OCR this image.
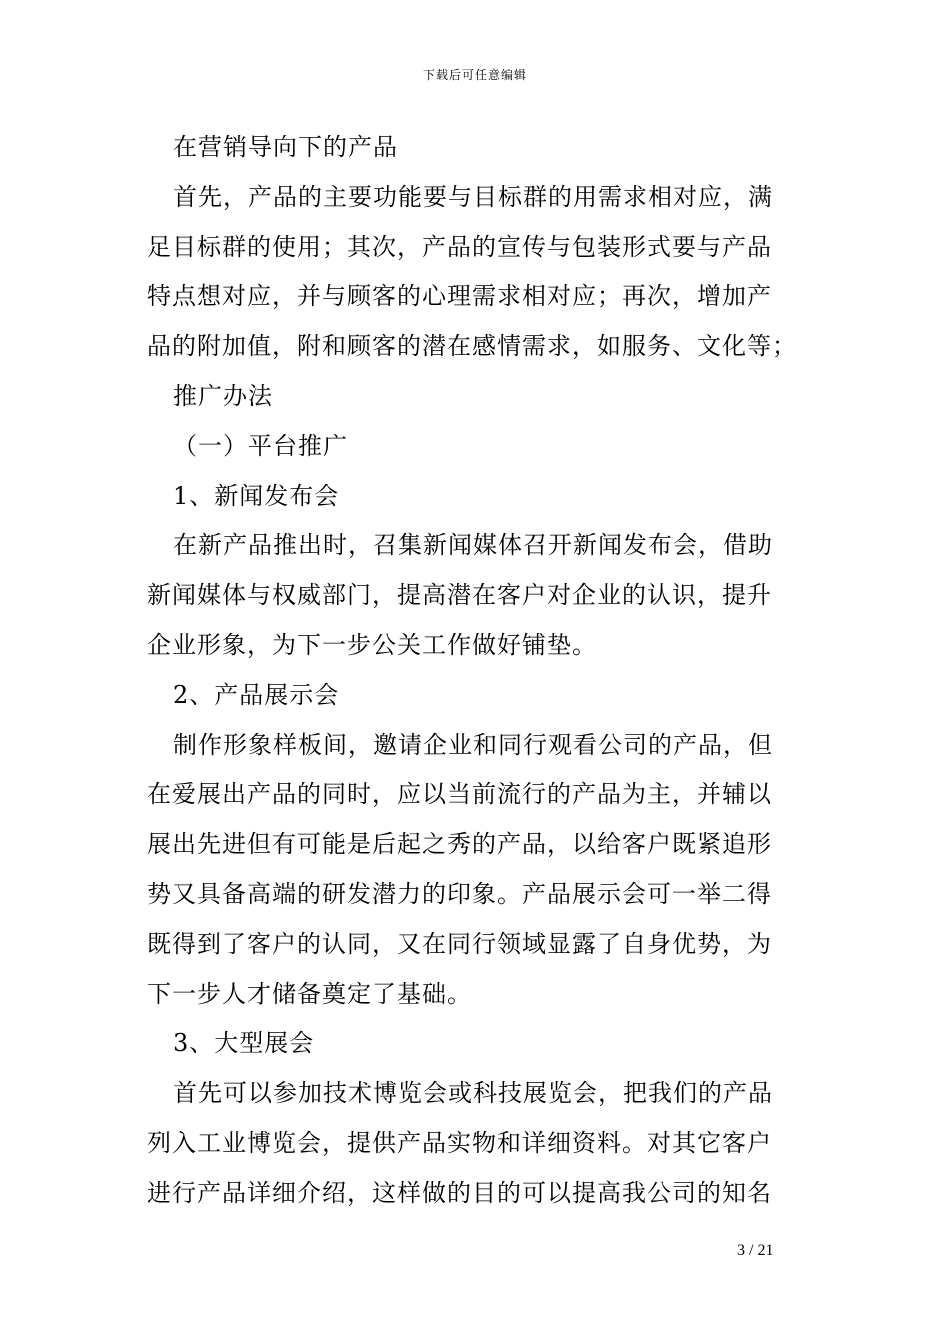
下载后可任意编辑
在营销导向下的产品
首先，产品的主要功能要与目标群的用需求相对应，满
足目标群的使用；其次，产品的宣传与包装形式要与产品
特点想对应，并与顾客的心理需求相对应；再次，增加产
品的附加值，附和顾客的潜在感情需求，如服务、文化等；
推广办法
（一）平台推广
1、新闻发布会
在新产品推出时，召集新闻媒体召开新闻发布会，借助
新闻媒体与权威部门，提高潜在客户对企业的认识，提升
企业形象，为下一步公关工作做好铺垫。
2、产品展示会
制作形象样板间，邀请企业和同行观看公司的产品，但
在爱展出产品的同时，应以当前流行的产品为主，并辅以
展出先进但有可能是后起之秀的产品，以给客户既紧追形
势又具备高端的研发潜力的印象。产品展示会可一举二得
既得到了客户的认同，又在同行领域显露了自身优势，为
下一步人才储备奠定了基础。
3、大型展会
首先可以参加技术博览会或科技展览会，把我们的产品
列入工业博览会，提供产品实物和详细资料。对其它客户
进行产品详细介绍，这样做的目的可以提高我公司的知名
3 / 21
